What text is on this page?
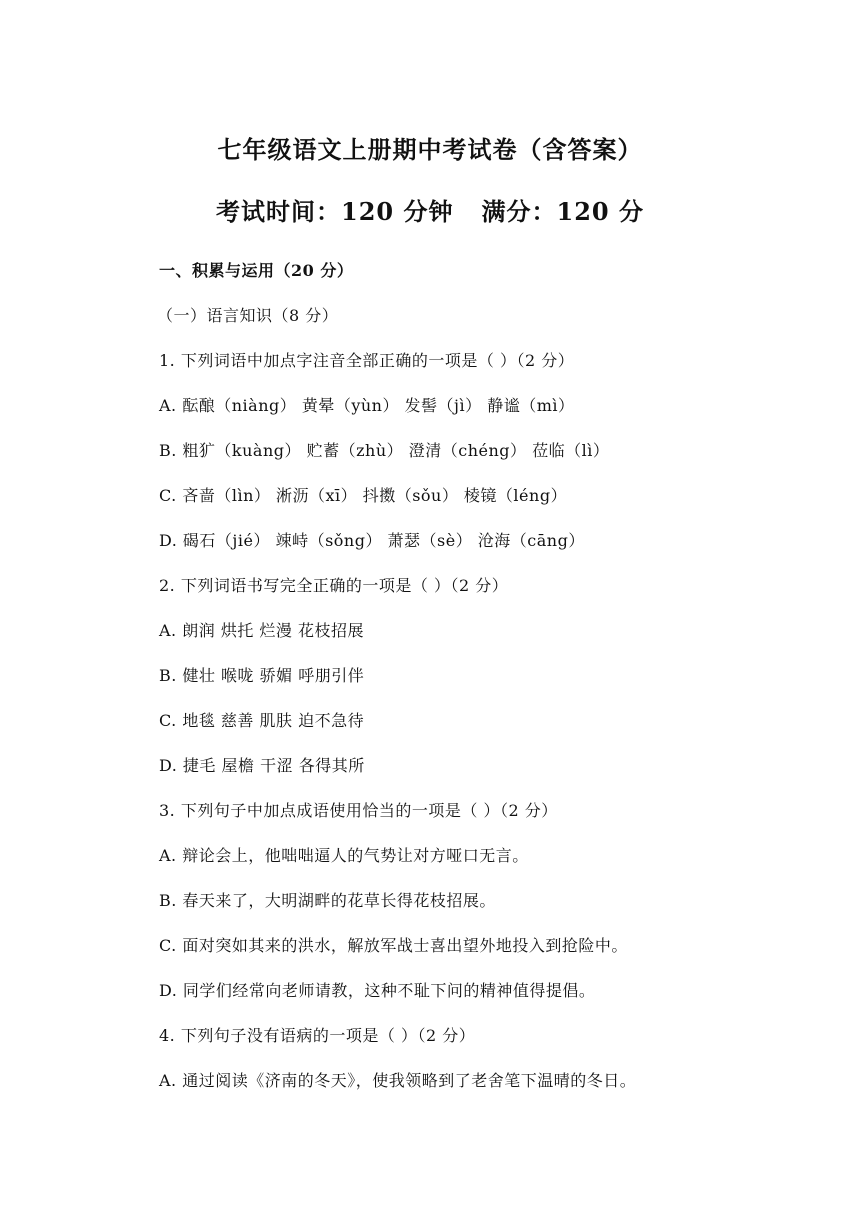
七年级语文上册期中考试卷（含答案）
考试时间：120 分钟   满分：120 分
一、积累与运用（20 分）
（一）语言知识（8 分）
1. 下列词语中加点字注音全部正确的一项是（ ）（2 分）
A. 酝酿（niàng） 黄晕（yùn） 发髻（jì） 静谧（mì）
B. 粗犷（kuàng） 贮蓄（zhù） 澄清（chéng） 莅临（lì）
C. 吝啬（lìn） 淅沥（xī） 抖擞（sǒu） 棱镜（léng）
D. 碣石（jié） 竦峙（sǒng） 萧瑟（sè） 沧海（cāng）
2. 下列词语书写完全正确的一项是（ ）（2 分）
A. 朗润 烘托 烂漫 花枝招展
B. 健壮 喉咙 骄媚 呼朋引伴
C. 地毯 慈善 肌肤 迫不急待
D. 捷毛 屋檐 干涩 各得其所
3. 下列句子中加点成语使用恰当的一项是（ ）（2 分）
A. 辩论会上，他咄咄逼人的气势让对方哑口无言。
B. 春天来了，大明湖畔的花草长得花枝招展。
C. 面对突如其来的洪水，解放军战士喜出望外地投入到抢险中。
D. 同学们经常向老师请教，这种不耻下问的精神值得提倡。
4. 下列句子没有语病的一项是（ ）（2 分）
A. 通过阅读《济南的冬天》，使我领略到了老舍笔下温晴的冬日。
